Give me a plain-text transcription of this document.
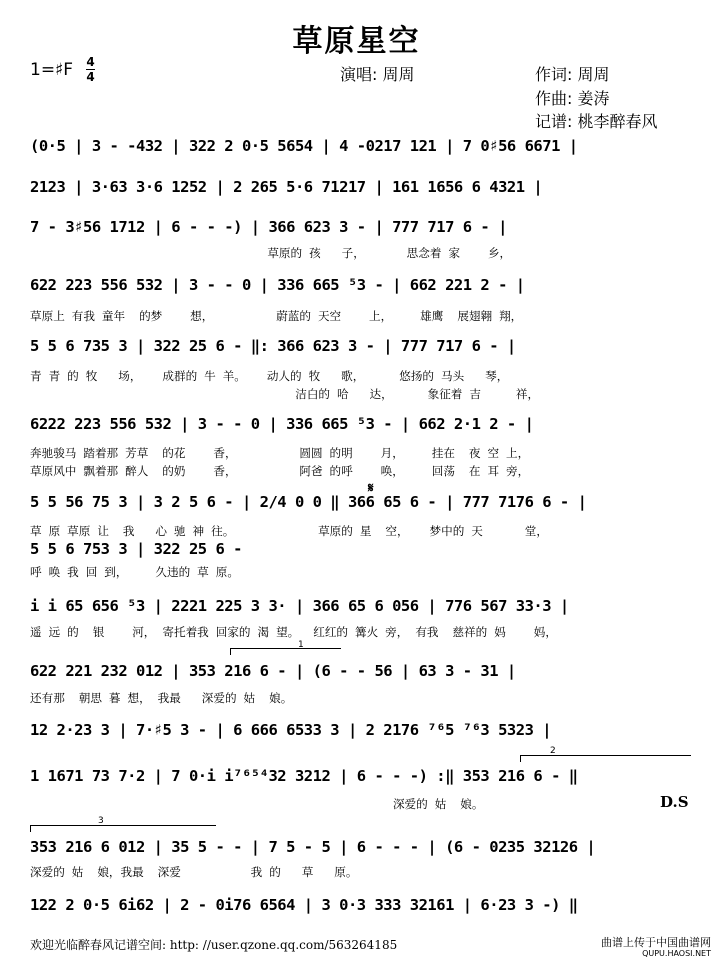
草原星空
1=♯F 4
4	演唱: 周周	作词: 周周
作曲: 姜涛
记谱: 桃李醉春风
(0·5 | 3 - -432 | 322 2 0·5 5654 | 4 -0217 121 | 7 0♯56 6671 |
2123 | 3·63 3·6 1252 | 2 265 5·6 71217 | 161 1656 6 4321 |
7 - 3♯56 1712 | 6 - - -) | 366 623 3 - | 777 717 6 - |
草原的 孩   子，      思念着 家    乡，
622 223 556 532 | 3 - - 0 | 336 665 ⁵3 - | 662 221 2 - |
草原上 有我 童年  的梦    想，         蔚蓝的 天空    上，    雄鹰  展翅翱 翔，
5 5 6 735 3 | 322 25 6 - ‖: 366 623 3 - | 777 717 6 - |
青 青 的 牧   场，   成群的 牛 羊。   动人的 牧   歌，     悠扬的 马头   琴，
洁白的 哈   达，     象征着 吉     祥，
6222 223 556 532 | 3 - - 0 | 336 665 ⁵3 - | 662 2·1 2 - |
奔驰骏马 踏着那 芳草  的花    香，         圆圆 的明    月，    挂在  夜 空 上，
草原风中 飘着那 醉人  的奶    香，         阿爸 的呼    唤，    回荡  在 耳 旁，
5 5 56 75 3 | 3 2 5 6 - | 2/4 0 0 ‖ 366 65 6 - | 777 7176 6 - |
𝄋
草 原 草原 让  我   心 驰 神 往。            草原的 星  空，   梦中的 天      堂，
5 5 6 753 3 | 322 25 6 -
呼 唤 我 回 到，    久违的 草 原。
i i 65 656 ⁵3 | 2221 225 3 3· | 366 65 6 056 | 776 567 33·3 |
遥 远 的  银    河， 寄托着我 回家的 渴 望。  红红的 篝火 旁， 有我  慈祥的 妈    妈，
1
622 221 232 012 | 353 216 6 - | (6 - - 56 | 63 3 - 31 |
还有那  朝思 暮 想， 我最   深爱的 姑  娘。
12 2·23 3 | 7·♯5 3 - | 6 666 6533 3 | 2 2176 ⁷⁶5 ⁷⁶3 5323 |
2
1 1671 73 7·2 | 7 0·i i⁷⁶⁵⁴32 3212 | 6 - - -) :‖ 353 216 6 - ‖
深爱的 姑  娘。	D.S
3
353 216 6 012 | 35 5 - - | 7 5 - 5 | 6 - - - | (6 - 0235 32126 |
深爱的 姑  娘，我最  深爱          我 的   草   原。
122 2 0·5 6i62 | 2 - 0i76 6564 | 3 0·3 333 32161 | 6·23 3 -) ‖
欢迎光临醉春风记谱空间: http: //user.qzone.qq.com/563264185	曲谱上传于中国曲谱网
QUPU.HAOSI.NET
